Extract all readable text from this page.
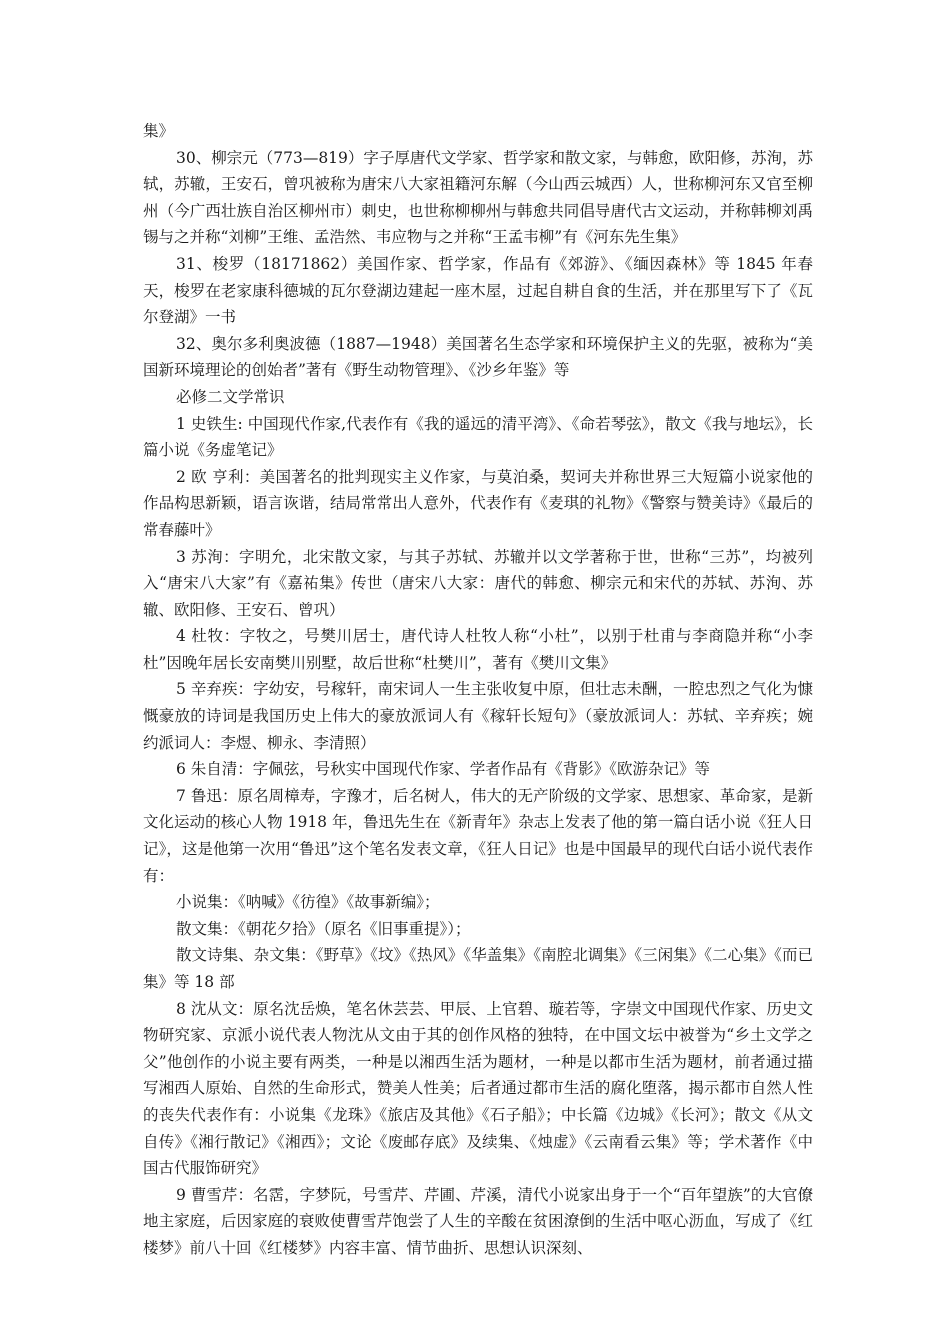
集》

30、柳宗元（773—819）字子厚唐代文学家、哲学家和散文家，与韩愈，欧阳修，苏洵，苏轼，苏辙，王安石，曾巩被称为唐宋八大家祖籍河东解（今山西云城西）人，世称柳河东又官至柳州（今广西壮族自治区柳州市）刺史，也世称柳柳州与韩愈共同倡导唐代古文运动，并称韩柳刘禹锡与之并称“刘柳”王维、孟浩然、韦应物与之并称“王孟韦柳”有《河东先生集》

31、梭罗（18171862）美国作家、哲学家，作品有《郊游》、《缅因森林》等 1845 年春天，梭罗在老家康科德城的瓦尔登湖边建起一座木屋，过起自耕自食的生活，并在那里写下了《瓦尔登湖》一书

32、奥尔多利奥波德（1887—1948）美国著名生态学家和环境保护主义的先驱，被称为“美国新环境理论的创始者”著有《野生动物管理》、《沙乡年鉴》等

必修二文学常识

1 史铁生: 中国现代作家,代表作有《我的遥远的清平湾》、《命若琴弦》，散文《我与地坛》，长篇小说《务虚笔记》

2 欧 亨利：美国著名的批判现实主义作家，与莫泊桑，契诃夫并称世界三大短篇小说家他的作品构思新颖，语言诙谐，结局常常出人意外，代表作有《麦琪的礼物》《警察与赞美诗》《最后的常春藤叶》

3 苏洵：字明允，北宋散文家，与其子苏轼、苏辙并以文学著称于世，世称“三苏”，均被列入“唐宋八大家”有《嘉祐集》传世（唐宋八大家：唐代的韩愈、柳宗元和宋代的苏轼、苏洵、苏辙、欧阳修、王安石、曾巩）

4 杜牧：字牧之，号樊川居士，唐代诗人杜牧人称“小杜”，以别于杜甫与李商隐并称“小李杜”因晚年居长安南樊川别墅，故后世称“杜樊川”，著有《樊川文集》

5 辛弃疾：字幼安，号稼轩，南宋词人一生主张收复中原，但壮志未酬，一腔忠烈之气化为慷慨豪放的诗词是我国历史上伟大的豪放派词人有《稼轩长短句》（豪放派词人：苏轼、辛弃疾；婉约派词人：李煜、柳永、李清照）

6 朱自清：字佩弦，号秋实中国现代作家、学者作品有《背影》《欧游杂记》等

7 鲁迅：原名周樟寿，字豫才，后名树人，伟大的无产阶级的文学家、思想家、革命家，是新文化运动的核心人物 1918 年，鲁迅先生在《新青年》杂志上发表了他的第一篇白话小说《狂人日记》，这是他第一次用“鲁迅”这个笔名发表文章，《狂人日记》也是中国最早的现代白话小说代表作有：

小说集：《呐喊》《彷徨》《故事新编》；

散文集：《朝花夕拾》（原名《旧事重提》）；

散文诗集、杂文集：《野草》《坟》《热风》《华盖集》《南腔北调集》《三闲集》《二心集》《而已集》等 18 部

8 沈从文：原名沈岳焕，笔名休芸芸、甲辰、上官碧、璇若等，字崇文中国现代作家、历史文物研究家、京派小说代表人物沈从文由于其的创作风格的独特，在中国文坛中被誉为“乡土文学之父”他创作的小说主要有两类，一种是以湘西生活为题材，一种是以都市生活为题材，前者通过描写湘西人原始、自然的生命形式，赞美人性美；后者通过都市生活的腐化堕落，揭示都市自然人性的丧失代表作有：小说集《龙珠》《旅店及其他》《石子船》；中长篇《边城》《长河》；散文《从文自传》《湘行散记》《湘西》；文论《废邮存底》及续集、《烛虚》《云南看云集》等；学术著作《中国古代服饰研究》

9 曹雪芹：名霑，字梦阮，号雪芹、芹圃、芹溪，清代小说家出身于一个“百年望族”的大官僚地主家庭，后因家庭的衰败使曹雪芹饱尝了人生的辛酸在贫困潦倒的生活中呕心沥血，写成了《红楼梦》前八十回《红楼梦》内容丰富、情节曲折、思想认识深刻、
